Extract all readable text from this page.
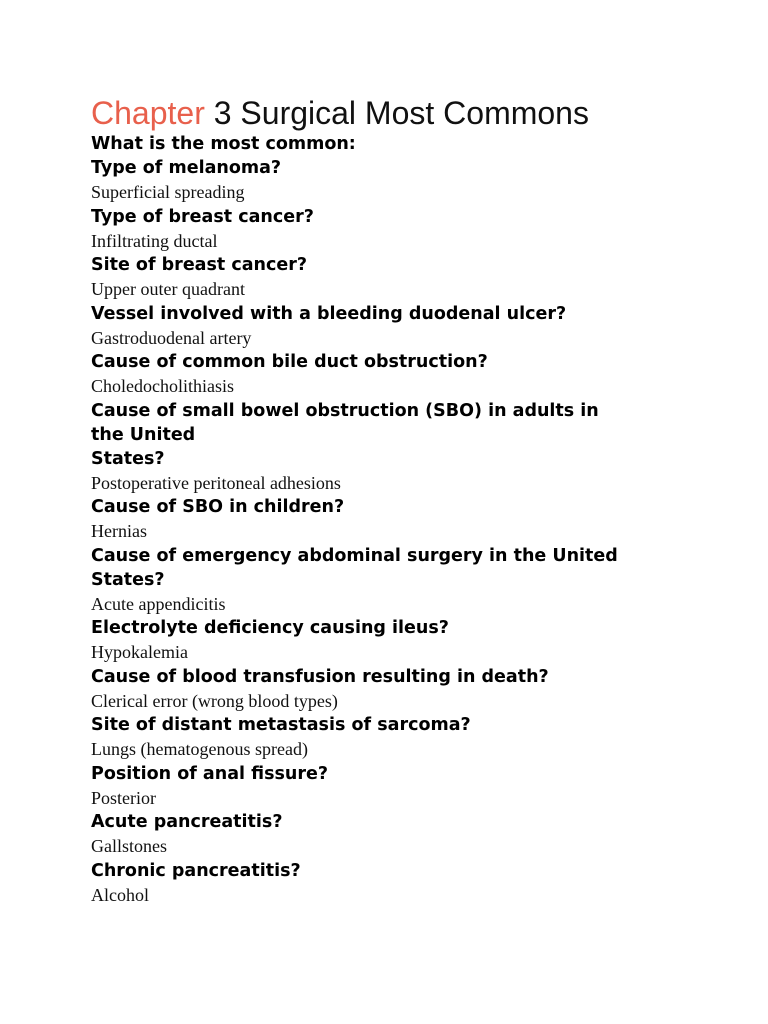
Chapter 3 Surgical Most Commons

What is the most common:

Type of melanoma?

Superficial spreading

Type of breast cancer?

Infiltrating ductal

Site of breast cancer?

Upper outer quadrant

Vessel involved with a bleeding duodenal ulcer?

Gastroduodenal artery

Cause of common bile duct obstruction?

Choledocholithiasis

Cause of small bowel obstruction (SBO) in adults in
the United
States?

Postoperative peritoneal adhesions

Cause of SBO in children?

Hernias

Cause of emergency abdominal surgery in the United
States?

Acute appendicitis

Electrolyte deficiency causing ileus?

Hypokalemia

Cause of blood transfusion resulting in death?

Clerical error (wrong blood types)

Site of distant metastasis of sarcoma?

Lungs (hematogenous spread)

Position of anal fissure?

Posterior

Acute pancreatitis?

Gallstones

Chronic pancreatitis?

Alcohol
